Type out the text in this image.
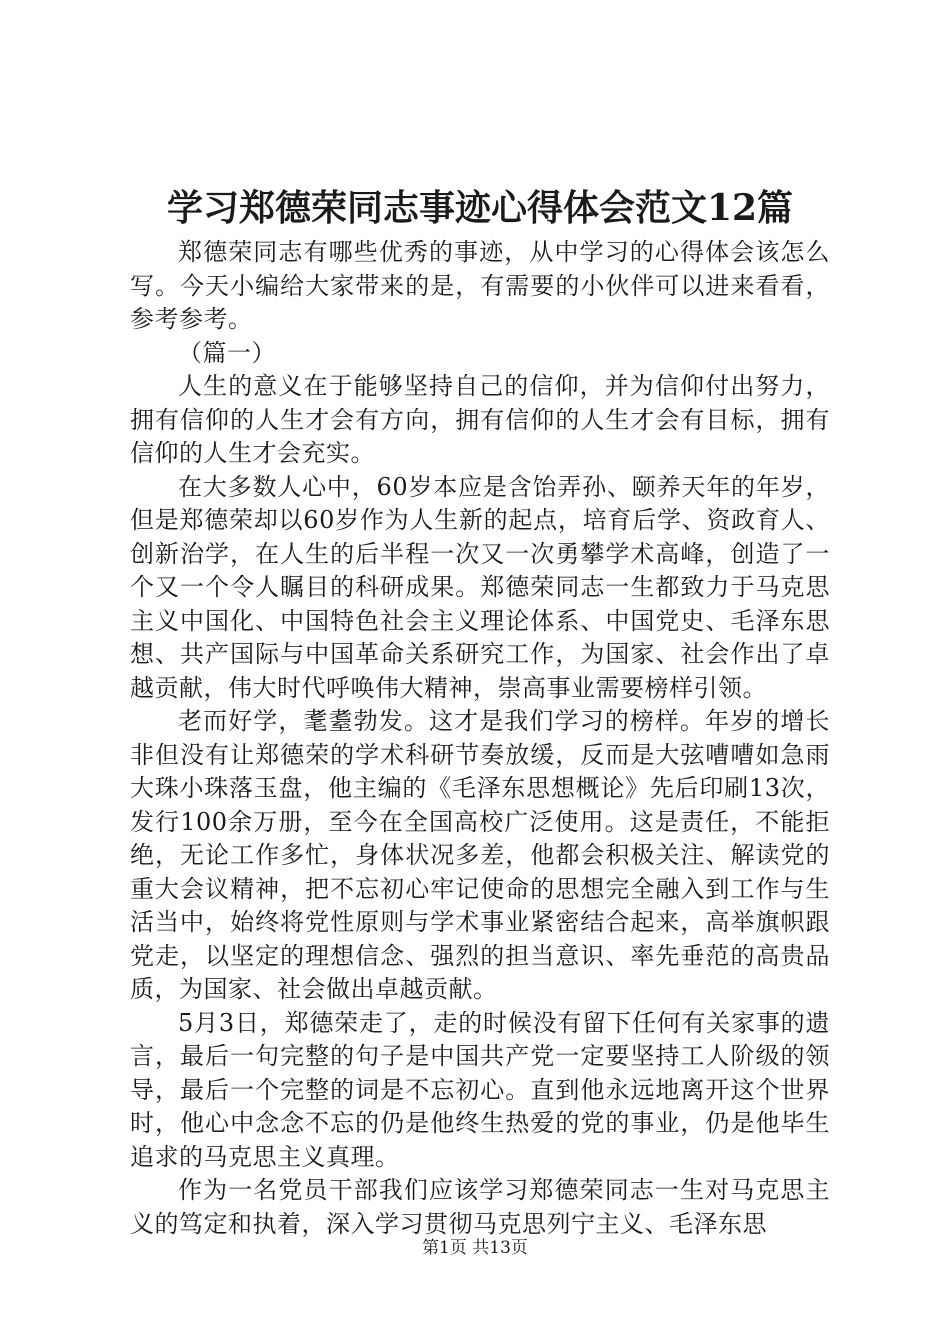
学习郑德荣同志事迹心得体会范文12篇

郑德荣同志有哪些优秀的事迹，从中学习的心得体会该怎么写。今天小编给大家带来的是，有需要的小伙伴可以进来看看，参考参考。

（篇一）

人生的意义在于能够坚持自己的信仰，并为信仰付出努力，拥有信仰的人生才会有方向，拥有信仰的人生才会有目标，拥有信仰的人生才会充实。

在大多数人心中，60岁本应是含饴弄孙、颐养天年的年岁，但是郑德荣却以60岁作为人生新的起点，培育后学、资政育人、创新治学，在人生的后半程一次又一次勇攀学术高峰，创造了一个又一个令人瞩目的科研成果。郑德荣同志一生都致力于马克思主义中国化、中国特色社会主义理论体系、中国党史、毛泽东思想、共产国际与中国革命关系研究工作，为国家、社会作出了卓越贡献，伟大时代呼唤伟大精神，崇高事业需要榜样引领。

老而好学，耄耋勃发。这才是我们学习的榜样。年岁的增长非但没有让郑德荣的学术科研节奏放缓，反而是大弦嘈嘈如急雨大珠小珠落玉盘，他主编的《毛泽东思想概论》先后印刷13次，发行100余万册，至今在全国高校广泛使用。这是责任，不能拒绝，无论工作多忙，身体状况多差，他都会积极关注、解读党的重大会议精神，把不忘初心牢记使命的思想完全融入到工作与生活当中，始终将党性原则与学术事业紧密结合起来，高举旗帜跟党走，以坚定的理想信念、强烈的担当意识、率先垂范的高贵品质，为国家、社会做出卓越贡献。

5月3日，郑德荣走了，走的时候没有留下任何有关家事的遗言，最后一句完整的句子是中国共产党一定要坚持工人阶级的领导，最后一个完整的词是不忘初心。直到他永远地离开这个世界时，他心中念念不忘的仍是他终生热爱的党的事业，仍是他毕生追求的马克思主义真理。

作为一名党员干部我们应该学习郑德荣同志一生对马克思主义的笃定和执着，深入学习贯彻马克思列宁主义、毛泽东思

第1页 共13页
